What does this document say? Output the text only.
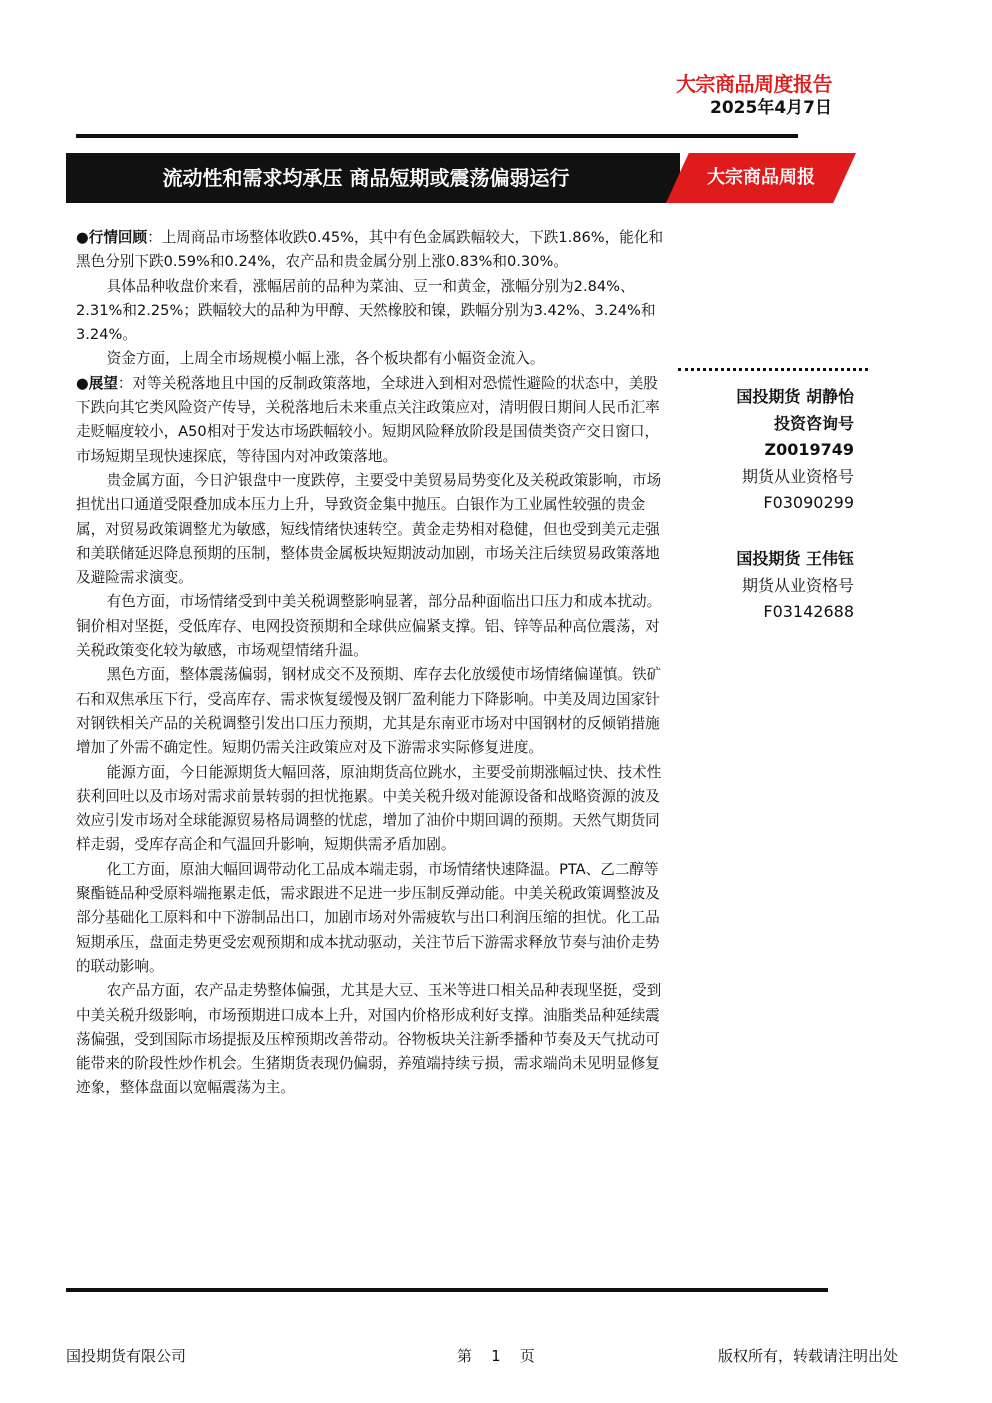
大宗商品周度报告
2025年4月7日
流动性和需求均承压 商品短期或震荡偏弱运行	大宗商品周报

●行情回顾：上周商品市场整体收跌0.45%，其中有色金属跌幅较大，下跌1.86%，能化和黑色分别下跌0.59%和0.24%，农产品和贵金属分别上涨0.83%和0.30%。

具体品种收盘价来看，涨幅居前的品种为菜油、豆一和黄金，涨幅分别为2.84%、2.31%和2.25%；跌幅较大的品种为甲醇、天然橡胶和镍，跌幅分别为3.42%、3.24%和3.24%。

资金方面，上周全市场规模小幅上涨，各个板块都有小幅资金流入。

●展望：对等关税落地且中国的反制政策落地，全球进入到相对恐慌性避险的状态中，美股下跌向其它类风险资产传导，关税落地后未来重点关注政策应对，清明假日期间人民币汇率走贬幅度较小，A50相对于发达市场跌幅较小。短期风险释放阶段是国债类资产交日窗口，市场短期呈现快速探底，等待国内对冲政策落地。

贵金属方面，今日沪银盘中一度跌停，主要受中美贸易局势变化及关税政策影响，市场担忧出口通道受限叠加成本压力上升，导致资金集中抛压。白银作为工业属性较强的贵金属，对贸易政策调整尤为敏感，短线情绪快速转空。黄金走势相对稳健，但也受到美元走强和美联储延迟降息预期的压制，整体贵金属板块短期波动加剧，市场关注后续贸易政策落地及避险需求演变。

有色方面，市场情绪受到中美关税调整影响显著，部分品种面临出口压力和成本扰动。铜价相对坚挺，受低库存、电网投资预期和全球供应偏紧支撑。铝、锌等品种高位震荡，对关税政策变化较为敏感，市场观望情绪升温。

黑色方面，整体震荡偏弱，钢材成交不及预期、库存去化放缓使市场情绪偏谨慎。铁矿石和双焦承压下行，受高库存、需求恢复缓慢及钢厂盈利能力下降影响。中美及周边国家针对钢铁相关产品的关税调整引发出口压力预期，尤其是东南亚市场对中国钢材的反倾销措施增加了外需不确定性。短期仍需关注政策应对及下游需求实际修复进度。

能源方面，今日能源期货大幅回落，原油期货高位跳水，主要受前期涨幅过快、技术性获利回吐以及市场对需求前景转弱的担忧拖累。中美关税升级对能源设备和战略资源的波及效应引发市场对全球能源贸易格局调整的忧虑，增加了油价中期回调的预期。天然气期货同样走弱，受库存高企和气温回升影响，短期供需矛盾加剧。

化工方面，原油大幅回调带动化工品成本端走弱，市场情绪快速降温。PTA、乙二醇等聚酯链品种受原料端拖累走低，需求跟进不足进一步压制反弹动能。中美关税政策调整波及部分基础化工原料和中下游制品出口，加剧市场对外需疲软与出口利润压缩的担忧。化工品短期承压，盘面走势更受宏观预期和成本扰动驱动，关注节后下游需求释放节奏与油价走势的联动影响。

农产品方面，农产品走势整体偏强，尤其是大豆、玉米等进口相关品种表现坚挺，受到中美关税升级影响，市场预期进口成本上升，对国内价格形成利好支撑。油脂类品种延续震荡偏强，受到国际市场提振及压榨预期改善带动。谷物板块关注新季播种节奏及天气扰动可能带来的阶段性炒作机会。生猪期货表现仍偏弱，养殖端持续亏损，需求端尚未见明显修复迹象，整体盘面以宽幅震荡为主。

国投期货 胡静怡
投资咨询号
Z0019749
期货从业资格号
F03090299
国投期货 王伟钰
期货从业资格号
F03142688
国投期货有限公司	第    1    页	版权所有，转载请注明出处
